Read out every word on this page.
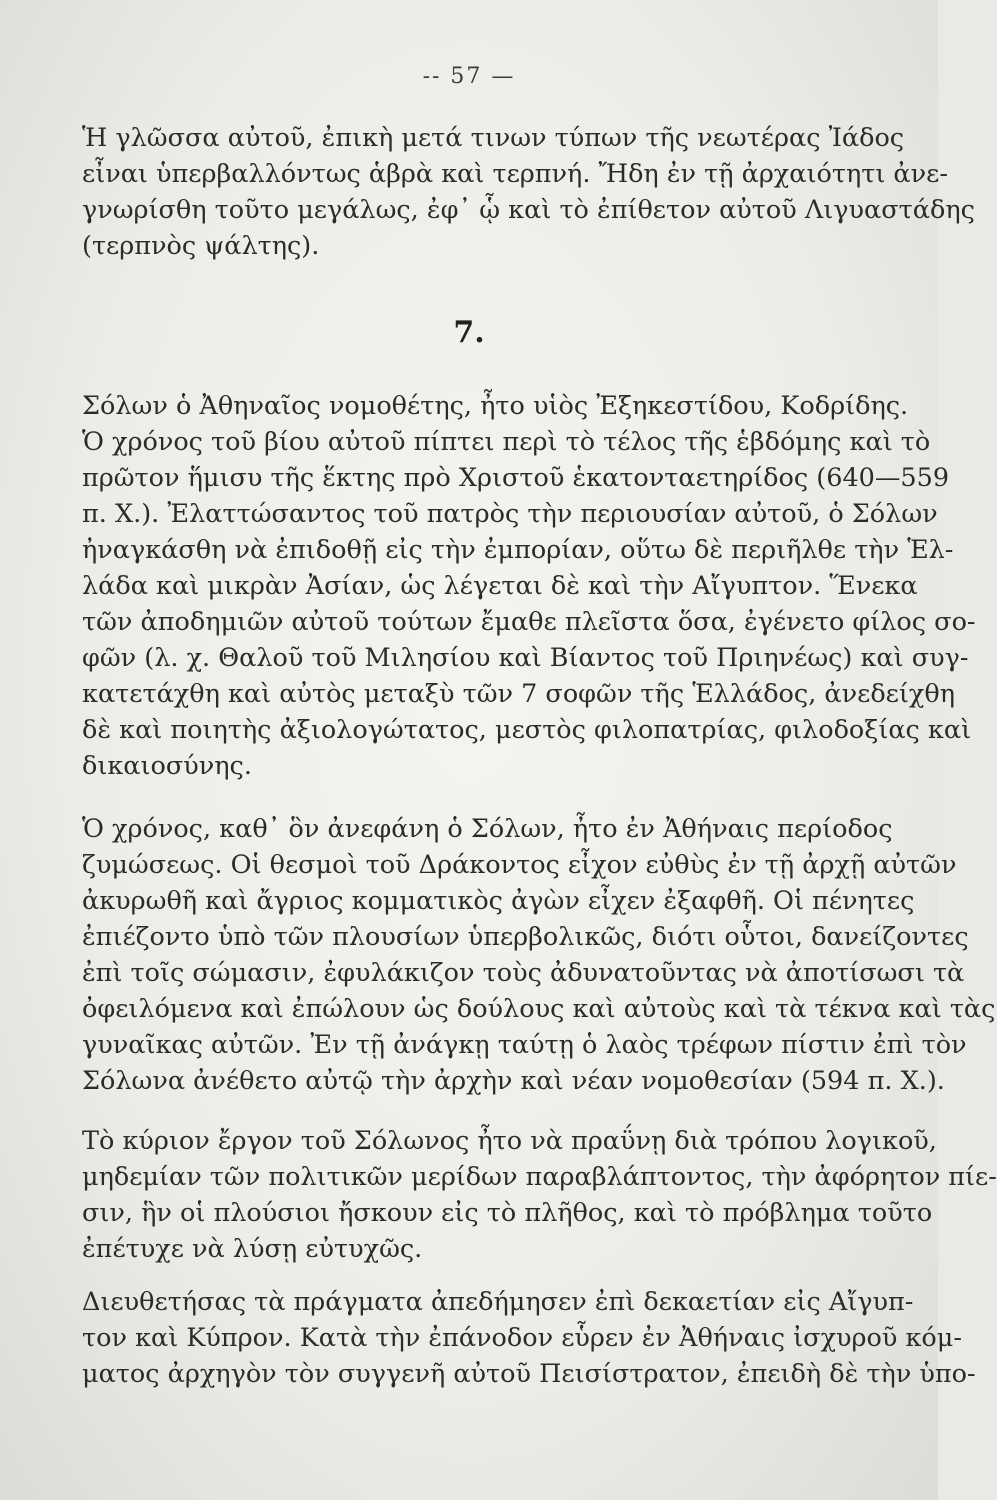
-- 57 —
Ἡ γλῶσσα αὐτοῦ, ἐπικὴ μετά τινων τύπων τῆς νεωτέρας Ἰάδος
εἶναι ὑπερβαλλόντως ἁβρὰ καὶ τερπνή. Ἤδη ἐν τῇ ἀρχαιότητι ἀνε-
γνωρίσθη τοῦτο μεγάλως, ἐφ᾽ ᾧ καὶ τὸ ἐπίθετον αὐτοῦ Λιγυαστάδης
(τερπνὸς ψάλτης).
7.
Σόλων ὁ Ἀθηναῖος νομοθέτης, ἦτο υἱὸς Ἐξηκεστίδου, Κοδρίδης.
Ὁ χρόνος τοῦ βίου αὐτοῦ πίπτει περὶ τὸ τέλος τῆς ἑβδόμης καὶ τὸ
πρῶτον ἥμισυ τῆς ἕκτης πρὸ Χριστοῦ ἑκατονταετηρίδος (640—559
π. Χ.). Ἐλαττώσαντος τοῦ πατρὸς τὴν περιουσίαν αὐτοῦ, ὁ Σόλων
ἠναγκάσθη νὰ ἐπιδοθῇ εἰς τὴν ἐμπορίαν, οὕτω δὲ περιῆλθε τὴν Ἑλ-
λάδα καὶ μικρὰν Ἀσίαν, ὡς λέγεται δὲ καὶ τὴν Αἴγυπτον. Ἕνεκα
τῶν ἀποδημιῶν αὐτοῦ τούτων ἔμαθε πλεῖστα ὅσα, ἐγένετο φίλος σο-
φῶν (λ. χ. Θαλοῦ τοῦ Μιλησίου καὶ Βίαντος τοῦ Πριηνέως) καὶ συγ-
κατετάχθη καὶ αὐτὸς μεταξὺ τῶν 7 σοφῶν τῆς Ἑλλάδος, ἀνεδείχθη
δὲ καὶ ποιητὴς ἀξιολογώτατος, μεστὸς φιλοπατρίας, φιλοδοξίας καὶ
δικαιοσύνης.
Ὁ χρόνος, καθ᾽ ὃν ἀνεφάνη ὁ Σόλων, ἦτο ἐν Ἀθήναις περίοδος
ζυμώσεως. Οἱ θεσμοὶ τοῦ Δράκοντος εἶχον εὐθὺς ἐν τῇ ἀρχῇ αὐτῶν
ἀκυρωθῆ καὶ ἄγριος κομματικὸς ἀγὼν εἶχεν ἐξαφθῆ. Οἱ πένητες
ἐπιέζοντο ὑπὸ τῶν πλουσίων ὑπερβολικῶς, διότι οὗτοι, δανείζοντες
ἐπὶ τοῖς σώμασιν, ἐφυλάκιζον τοὺς ἀδυνατοῦντας νὰ ἀποτίσωσι τὰ
ὀφειλόμενα καὶ ἐπώλουν ὡς δούλους καὶ αὐτοὺς καὶ τὰ τέκνα καὶ τὰς
γυναῖκας αὐτῶν. Ἐν τῇ ἀνάγκῃ ταύτῃ ὁ λαὸς τρέφων πίστιν ἐπὶ τὸν
Σόλωνα ἀνέθετο αὐτῷ τὴν ἀρχὴν καὶ νέαν νομοθεσίαν (594 π. Χ.).
Τὸ κύριον ἔργον τοῦ Σόλωνος ἦτο νὰ πραΰνῃ διὰ τρόπου λογικοῦ,
μηδεμίαν τῶν πολιτικῶν μερίδων παραβλάπτοντος, τὴν ἀφόρητον πίε-
σιν, ἣν οἱ πλούσιοι ἤσκουν εἰς τὸ πλῆθος, καὶ τὸ πρόβλημα τοῦτο
ἐπέτυχε νὰ λύσῃ εὐτυχῶς.
Διευθετήσας τὰ πράγματα ἀπεδήμησεν ἐπὶ δεκαετίαν εἰς Αἴγυπ-
τον καὶ Κύπρον. Κατὰ τὴν ἐπάνοδον εὗρεν ἐν Ἀθήναις ἰσχυροῦ κόμ-
ματος ἀρχηγὸν τὸν συγγενῆ αὐτοῦ Πεισίστρατον, ἐπειδὴ δὲ τὴν ὑπο-
